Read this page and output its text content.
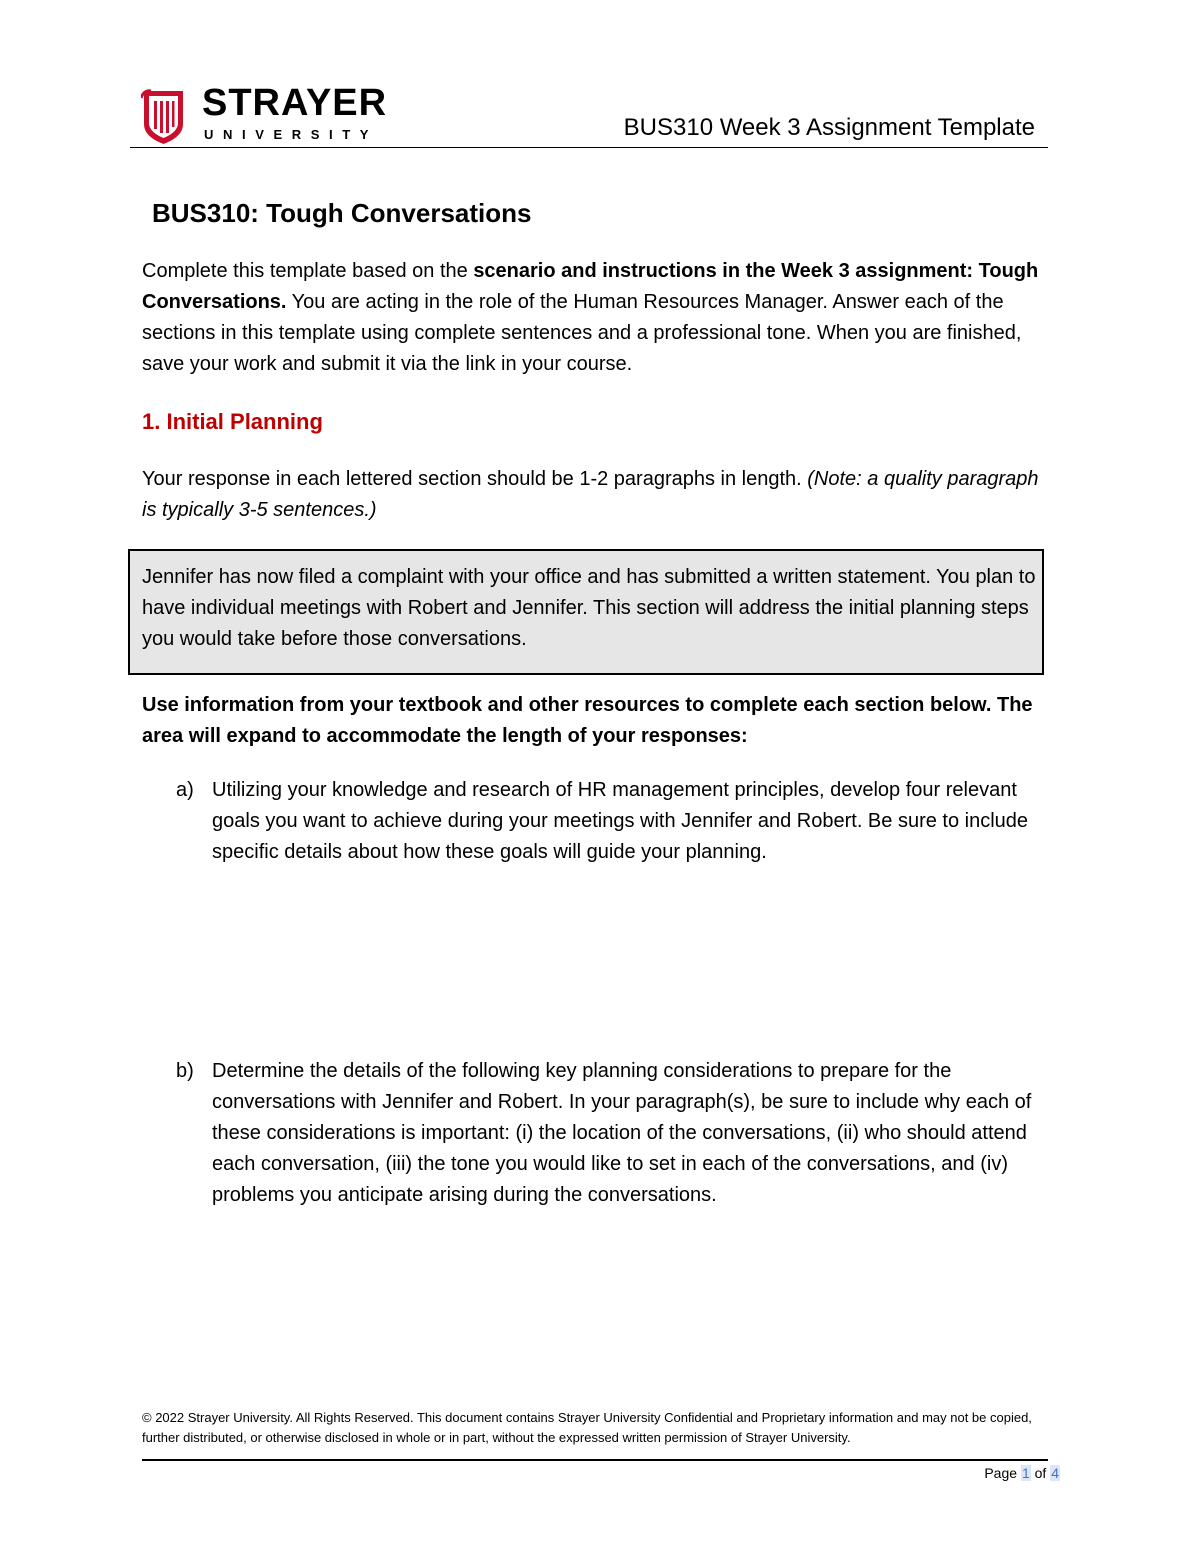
STRAYER
UNIVERSITY	BUS310 Week 3 Assignment Template
BUS310: Tough Conversations
Complete this template based on the scenario and instructions in the Week 3 assignment: Tough Conversations. You are acting in the role of the Human Resources Manager. Answer each of the sections in this template using complete sentences and a professional tone. When you are finished, save your work and submit it via the link in your course.
1. Initial Planning
Your response in each lettered section should be 1-2 paragraphs in length. (Note: a quality paragraph is typically 3-5 sentences.)
Jennifer has now filed a complaint with your office and has submitted a written statement. You plan to have individual meetings with Robert and Jennifer. This section will address the initial planning steps you would take before those conversations.
Use information from your textbook and other resources to complete each section below. The area will expand to accommodate the length of your responses:
a) Utilizing your knowledge and research of HR management principles, develop four relevant goals you want to achieve during your meetings with Jennifer and Robert. Be sure to include specific details about how these goals will guide your planning.
b) Determine the details of the following key planning considerations to prepare for the conversations with Jennifer and Robert. In your paragraph(s), be sure to include why each of these considerations is important: (i) the location of the conversations, (ii) who should attend each conversation, (iii) the tone you would like to set in each of the conversations, and (iv) problems you anticipate arising during the conversations.
© 2022 Strayer University. All Rights Reserved. This document contains Strayer University Confidential and Proprietary information and may not be copied, further distributed, or otherwise disclosed in whole or in part, without the expressed written permission of Strayer University.
Page 1 of 4
